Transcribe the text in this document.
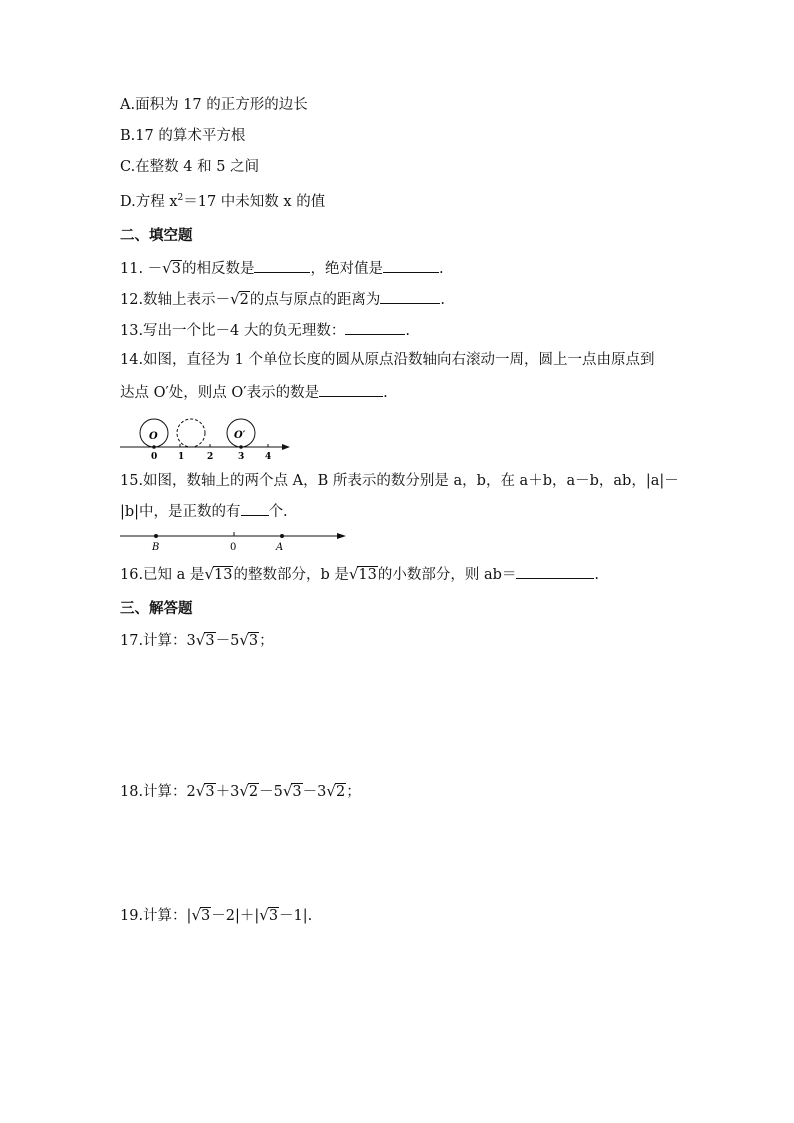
A.面积为 17 的正方形的边长
B.17 的算术平方根
C.在整数 4 和 5 之间
D.方程 $x^2=17$ 中未知数 x 的值
二、填空题
11. －√3的相反数是	，绝对值是	.
12.数轴上表示－√2的点与原点的距离为	.
13.写出一个比－4 大的负无理数：	.
14.如图，直径为 1 个单位长度的圆从原点沿数轴向右滚动一周，圆上一点由原点到
达点 O′处，则点 O′表示的数是	.
O	O′
0 1	2	3 4
15.如图，数轴上的两个点 A，B 所表示的数分别是 a，b，在 a＋b，a－b，ab，|a|－
|b|中，是正数的有 个.
B	0	A
16.已知 a 是√13的整数部分，b 是√13的小数部分，则 ab＝	.
三、解答题
17.计算：3√3－5√3；
18.计算：2√3＋3√2－5√3－3√2；
19.计算：|√3－2|＋|√3－1|.
